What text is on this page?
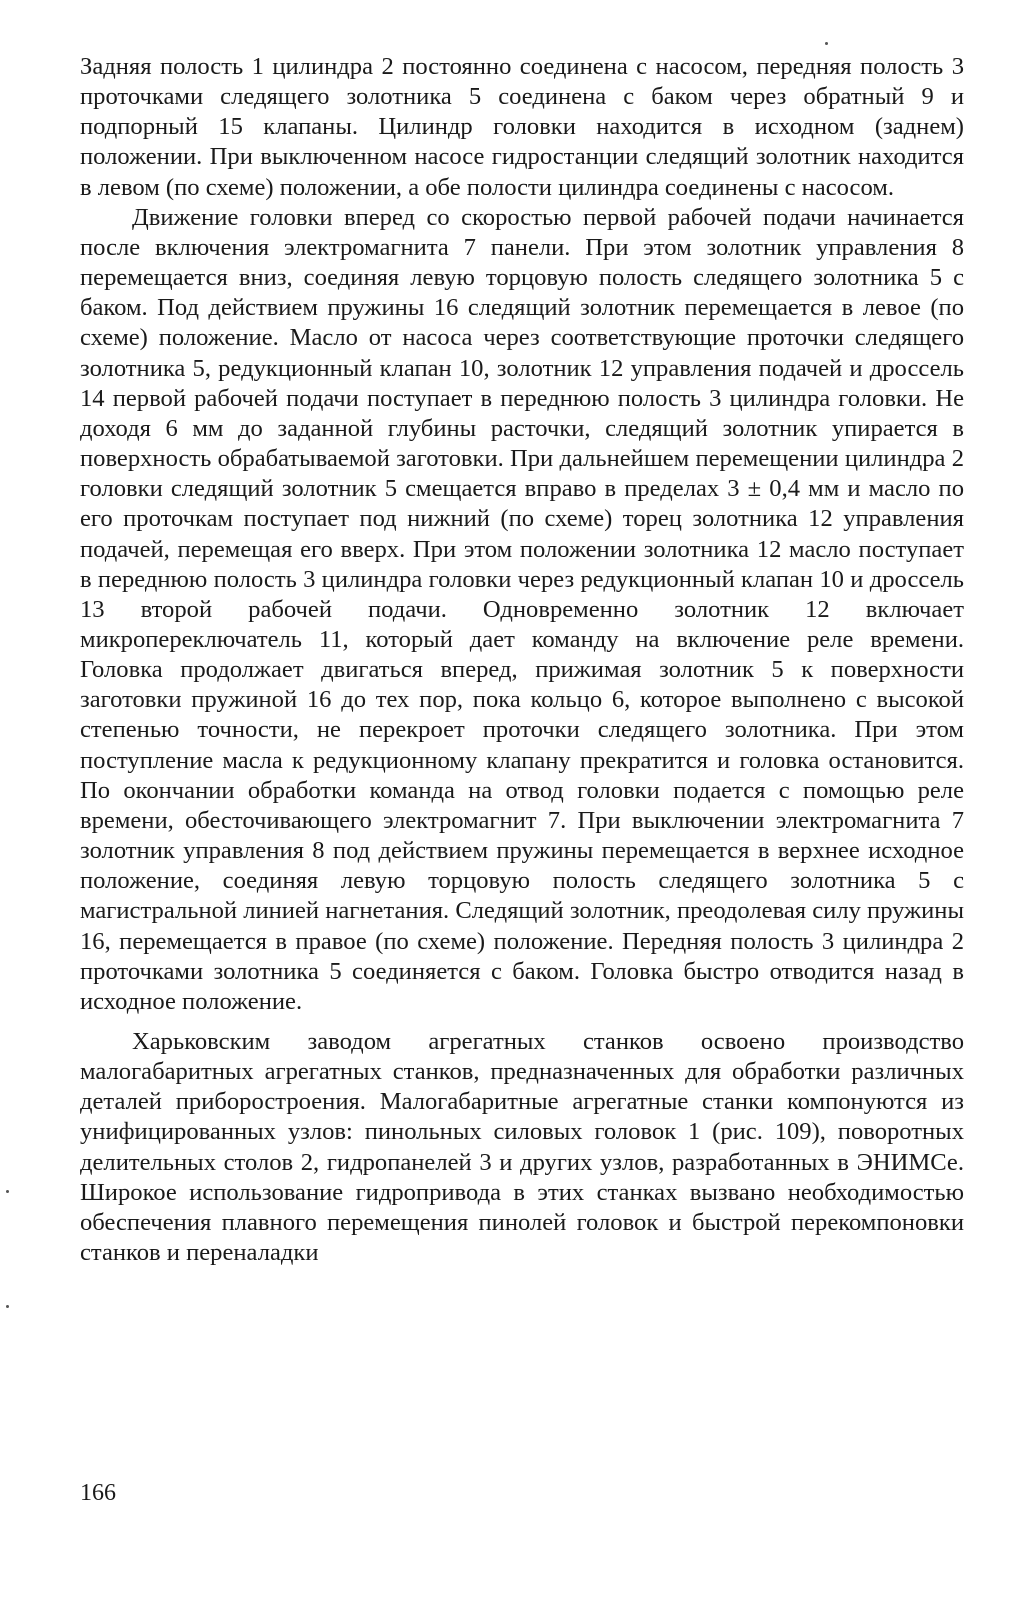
Задняя полость 1 цилиндра 2 постоянно соединена с насосом, передняя полость 3 проточками следящего золотника 5 соединена с баком через обратный 9 и подпорный 15 клапаны. Цилиндр головки находится в исходном (заднем) положении. При выключенном насосе гидростанции следящий золотник находится в левом (по схеме) положении, а обе полости цилиндра соединены с насосом.

Движение головки вперед со скоростью первой рабочей подачи начинается после включения электромагнита 7 панели. При этом золотник управления 8 перемещается вниз, соединяя левую торцовую полость следящего золотника 5 с баком. Под действием пружины 16 следящий золотник перемещается в левое (по схеме) положение. Масло от насоса через соответствующие проточки следящего золотника 5, редукционный клапан 10, золотник 12 управления подачей и дроссель 14 первой рабочей подачи поступает в переднюю полость 3 цилиндра головки. Не доходя 6 мм до заданной глубины расточки, следящий золотник упирается в поверхность обрабатываемой заготовки. При дальнейшем перемещении цилиндра 2 головки следящий золотник 5 смещается вправо в пределах 3 ± 0,4 мм и масло по его проточкам поступает под нижний (по схеме) торец золотника 12 управления подачей, перемещая его вверх. При этом положении золотника 12 масло поступает в переднюю полость 3 цилиндра головки через редукционный клапан 10 и дроссель 13 второй рабочей подачи. Одновременно золотник 12 включает микропереключатель 11, который дает команду на включение реле времени. Головка продолжает двигаться вперед, прижимая золотник 5 к поверхности заготовки пружиной 16 до тех пор, пока кольцо 6, которое выполнено с высокой степенью точности, не перекроет проточки следящего золотника. При этом поступление масла к редукционному клапану прекратится и головка остановится. По окончании обработки команда на отвод головки подается с помощью реле времени, обесточивающего электромагнит 7. При выключении электромагнита 7 золотник управления 8 под действием пружины перемещается в верхнее исходное положение, соединяя левую торцовую полость следящего золотника 5 с магистральной линией нагнетания. Следящий золотник, преодолевая силу пружины 16, перемещается в правое (по схеме) положение. Передняя полость 3 цилиндра 2 проточками золотника 5 соединяется с баком. Головка быстро отводится назад в исходное положение.

Харьковским заводом агрегатных станков освоено производство малогабаритных агрегатных станков, предназначенных для обработки различных деталей приборостроения. Малогабаритные агрегатные станки компонуются из унифицированных узлов: пинольных силовых головок 1 (рис. 109), поворотных делительных столов 2, гидропанелей 3 и других узлов, разработанных в ЭНИМСе. Широкое использование гидропривода в этих станках вызвано необходимостью обеспечения плавного перемещения пинолей головок и быстрой перекомпоновки станков и переналадки

166
